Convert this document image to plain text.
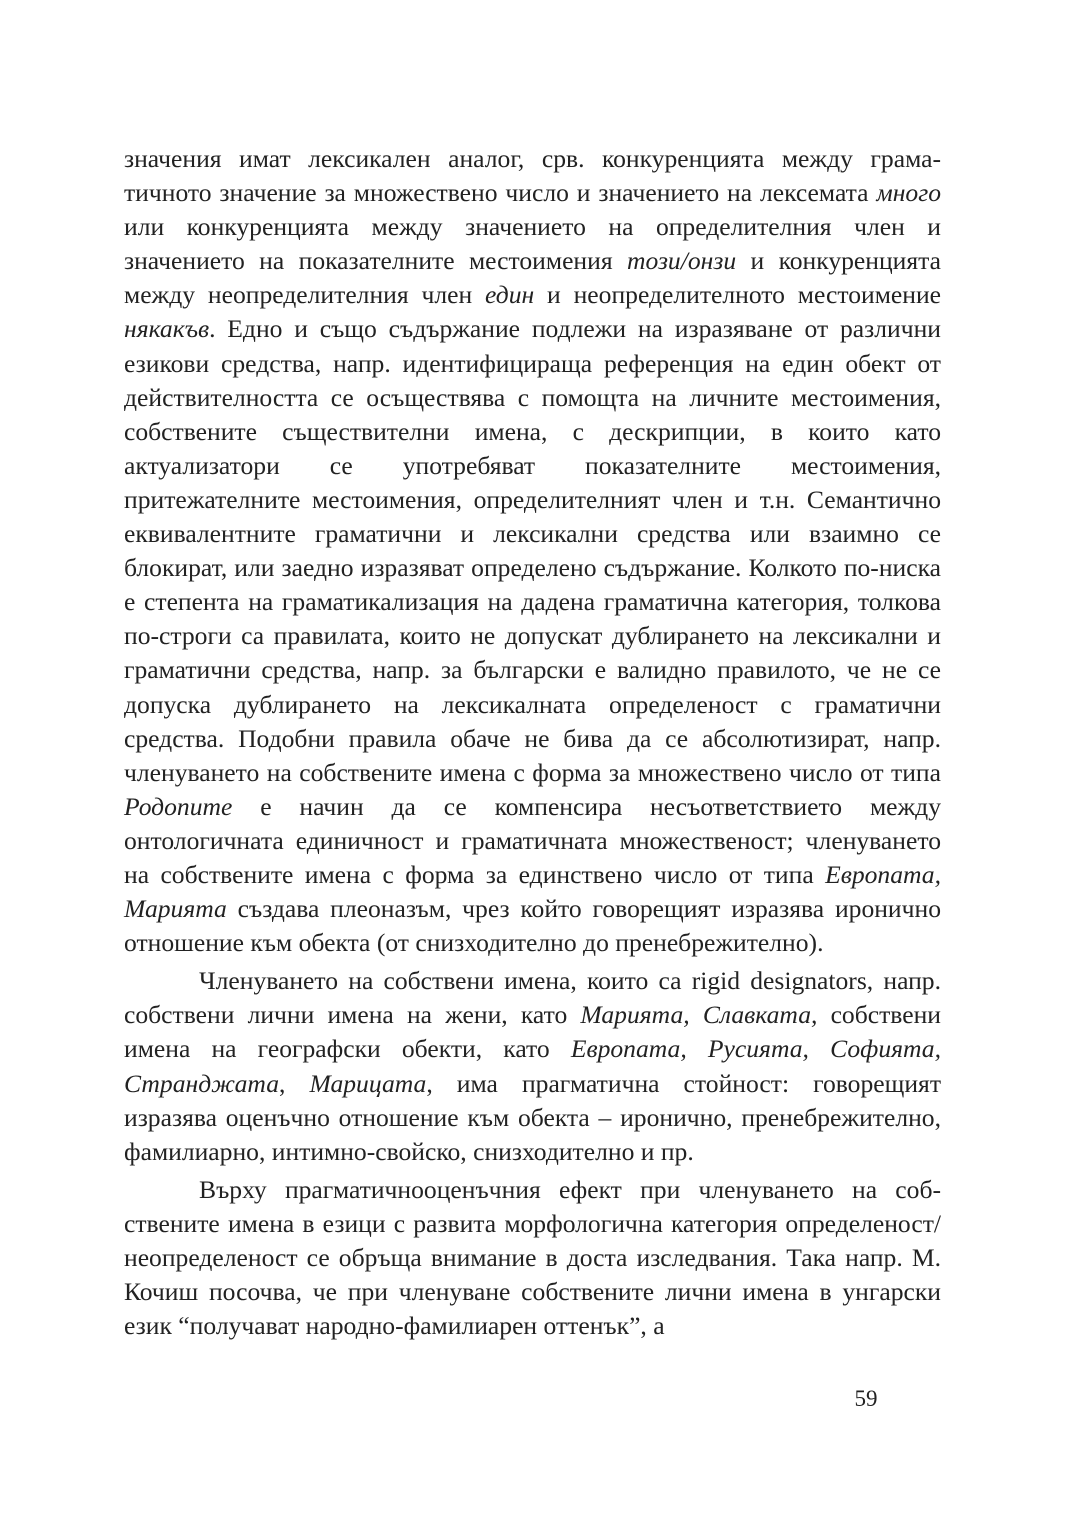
значения имат лексикален аналог, срв. конкуренцията между граматичното значение за множествено число и значението на лексемата много или конкуренцията между значението на определителния член и значението на показателните местоимения този/онзи и конкуренцията между неопределителния член един и неопределителното местоимение някакъв. Едно и също съдържание подлежи на изразяване от различни езикови средства, напр. идентифицираща референция на един обект от действителността се осъществява с помощта на личните местоимения, собствените съществителни имена, с дескрипции, в които като актуализатори се употребяват показателните местоимения, притежателните местоимения, определителният член и т.н. Семантично еквивалентните граматични и лексикални средства или взаимно се блокират, или заедно изразяват определено съдържание. Колкото по-ниска е степента на граматикализация на дадена граматична категория, толкова по-строги са правилата, които не допускат дублирането на лексикални и граматични средства, напр. за български е валидно правилото, че не се допуска дублирането на лексикалната определеност с граматични средства. Подобни правила обаче не бива да се абсолютизират, напр. членуването на собствените имена с форма за множествено число от типа Родопите е начин да се компенсира несъответствието между онтологичната единичност и граматичната множественост; членуването на собствените имена с форма за единствено число от типа Европата, Марията създава плеоназъм, чрез който говорещият изразява иронично отношение към обекта (от снизходително до пренебрежително).

Членуването на собствени имена, които са rigid designators, напр. собствени лични имена на жени, като Марията, Славката, собствени имена на географски обекти, като Европата, Русията, Софията, Странджата, Марицата, има прагматична стойност: говорещият изразява оценъчно отношение към обекта – иронично, пренебрежително, фамилиарно, интимно-свойско, снизходително и пр.

Върху прагматичнооценъчния ефект при членуването на собствените имена в езици с развита морфологична категория определеност/неопределеност се обръща внимание в доста изследвания. Така напр. М. Кочиш посочва, че при членуване собствените лични имена в унгарски език “получават народно-фамилиарен оттенък”, а

59
